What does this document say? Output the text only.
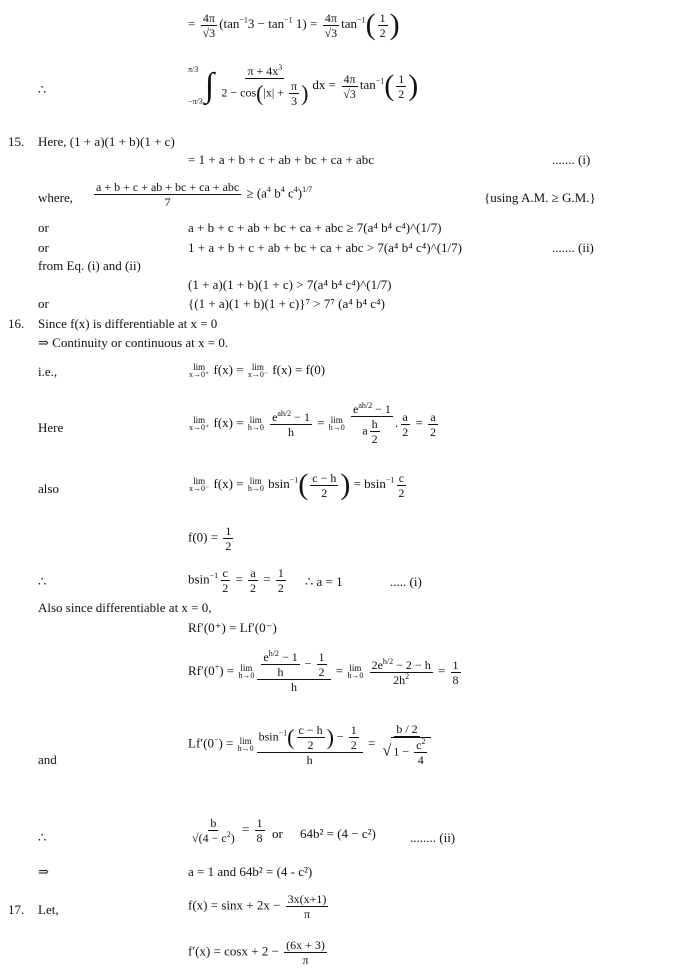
= $\frac{4\pi}{√3} (\tan^{-1}3 - \tan^{-1} 1) = \frac{4\pi}{√3} \tan^{-1}( \frac{1}{2}$ )
∴
π/3
−π/3 ∫ $\frac{\pi + 4x^3}{2 - \cos(|x| + \frac{\pi}{3} )}$ dx = $\frac{4\pi}{√3} \tan^{-1}( \frac{1}{2}$ )
15. Here, (1 + a)(1 + b)(1 + c)
= 1 + a + b + c + ab + bc + ca + abc	....... (i)
where, $\frac{\text{a + b + c + ab + bc + ca + abc}}{7} \ge (a^4$ $b^4$ $c^4)^{1/7}$
{using A.M. ≥ G.M.}
or	a + b + c + ab + bc + ca + abc ≥ 7(a⁴ b⁴ c⁴)^(1/7)
or	1 + a + b + c + ab + bc + ca + abc > 7(a⁴ b⁴ c⁴)^(1/7)	....... (ii)
from Eq. (i) and (ii)
(1 + a)(1 + b)(1 + c) > 7(a⁴ b⁴ c⁴)^(1/7)
or	{(1 + a)(1 + b)(1 + c)}⁷ > 7⁷ (a⁴ b⁴ c⁴)
16. Since f(x) is differentiable at x = 0
⇒ Continuity or continuous at x = 0.
i.e.,	lim
x→0⁺ f(x) = lim
x→0⁻ f(x) = f(0)
Here	lim
x→0⁺ f(x) = lim
h→0
$\frac{e^{ah/2} - 1}{h} = \lim$
h→0
$\frac{e^{ah/2} - 1}{a \frac{h}{2}}$ . $\frac{a}{2} = \frac{a}{2}$
also	lim
x→0⁻ f(x) = lim
h→0 $bsin^{-1}( \frac{c - h}{2}$ ) = $bsin^{-1} \frac{c}{2}$
$f(0) = \frac{1}{2}$
∴	$bsin^{-1} \frac{c}{2} = \frac{a}{2} = \frac{1}{2}$ ∴ a = 1	..... (i)
Also since differentiable at x = 0,
Rf′(0⁺) = Lf′(0⁻)
Rf′(0+) = lim
$h\to 0 \frac{\frac{e^{h/2} - 1}{h} - \frac{1}{2}}{h} = \lim$
h→0
$\frac{2e^{h/2} - 2 - h}{2h^2} = \frac{1}{8}$
and
Lf′(0−) = lim
$h\to 0 \frac{bsin^{-1}( \frac{c - h}{2} ) - \frac{1}{2}}{h} = \frac{b / 2}{√ 1 - \frac{c^2}{4}}$
∴	$\frac{b}{√(4 - c^2)} = \frac{1}{8}$ or 64b² = (4 − c²)	........ (ii)
⇒	a = 1 and 64b² = (4 - c²)
17. Let,	$f(x) = \sin x + 2x - \frac{3x(x+1)}{\pi}$
$f'(x) = \cos x + 2 - \frac{(6x + 3)}{\pi}$
